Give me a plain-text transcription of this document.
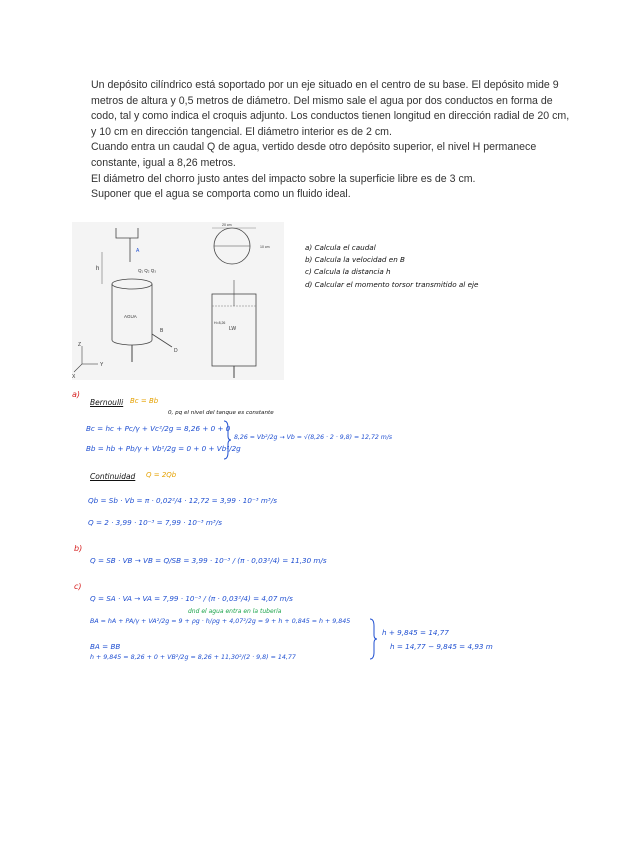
Un depósito cilíndrico está soportado por un eje situado en el centro de su base. El depósito mide 9 metros de altura y 0,5 metros de diámetro. Del mismo sale el agua por dos conductos en forma de codo, tal y como indica el croquis adjunto. Los conductos tienen longitud en dirección radial de 20 cm, y 10 cm en dirección tangencial. El diámetro interior es de 2 cm.

Cuando entra un caudal Q de agua, vertido desde otro depósito superior, el nivel H permanece constante, igual a 8,26 metros.

El diámetro del chorro justo antes del impacto sobre la superficie libre es de 3 cm.

Suponer que el agua se comporta como un fluido ideal.

h	Q₁ Q₂ Q₃
A
AGUA
D
B
Z
Y
X
20 cm
10 cm
LW
H=8,26
a) Calcula el caudal
b) Calcula la velocidad en B
c) Calcula la distancia h
d) Calcular el momento torsor transmitido al eje
a)
Bernoulli Bc = Bb
0, pq el nivel del tanque es constante
Bc = hc + Pc/γ + Vc²/2g = 8,26 + 0 + 0
Bb = hb + Pb/γ + Vb²/2g = 0 + 0 + Vb²/2g
8,26 = Vb²/2g → Vb = √(8,26 · 2 · 9,8) = 12,72 m/s
Continuidad Q = 2Qb
Qb = Sb · Vb = π · 0,02²/4 · 12,72 = 3,99 · 10⁻³ m³/s
Q = 2 · 3,99 · 10⁻³ = 7,99 · 10⁻³ m³/s
b)
Q = SB · VB → VB = Q/SB = 3,99 · 10⁻³ / (π · 0,03²/4) = 11,30 m/s
c)
Q = SA · VA → VA = 7,99 · 10⁻³ / (π · 0,03²/4) = 4,07 m/s
dnd el agua entra en la tubería
BA = hA + PA/γ + VA²/2g = 9 + ρg · h/ρg + 4,07²/2g = 9 + h + 0,845 = h + 9,845
BA = BB
h + 9,845 = 8,26 + 0 + VB²/2g = 8,26 + 11,30²/(2 · 9,8) = 14,77
h + 9,845 = 14,77
h = 14,77 − 9,845 = 4,93 m
